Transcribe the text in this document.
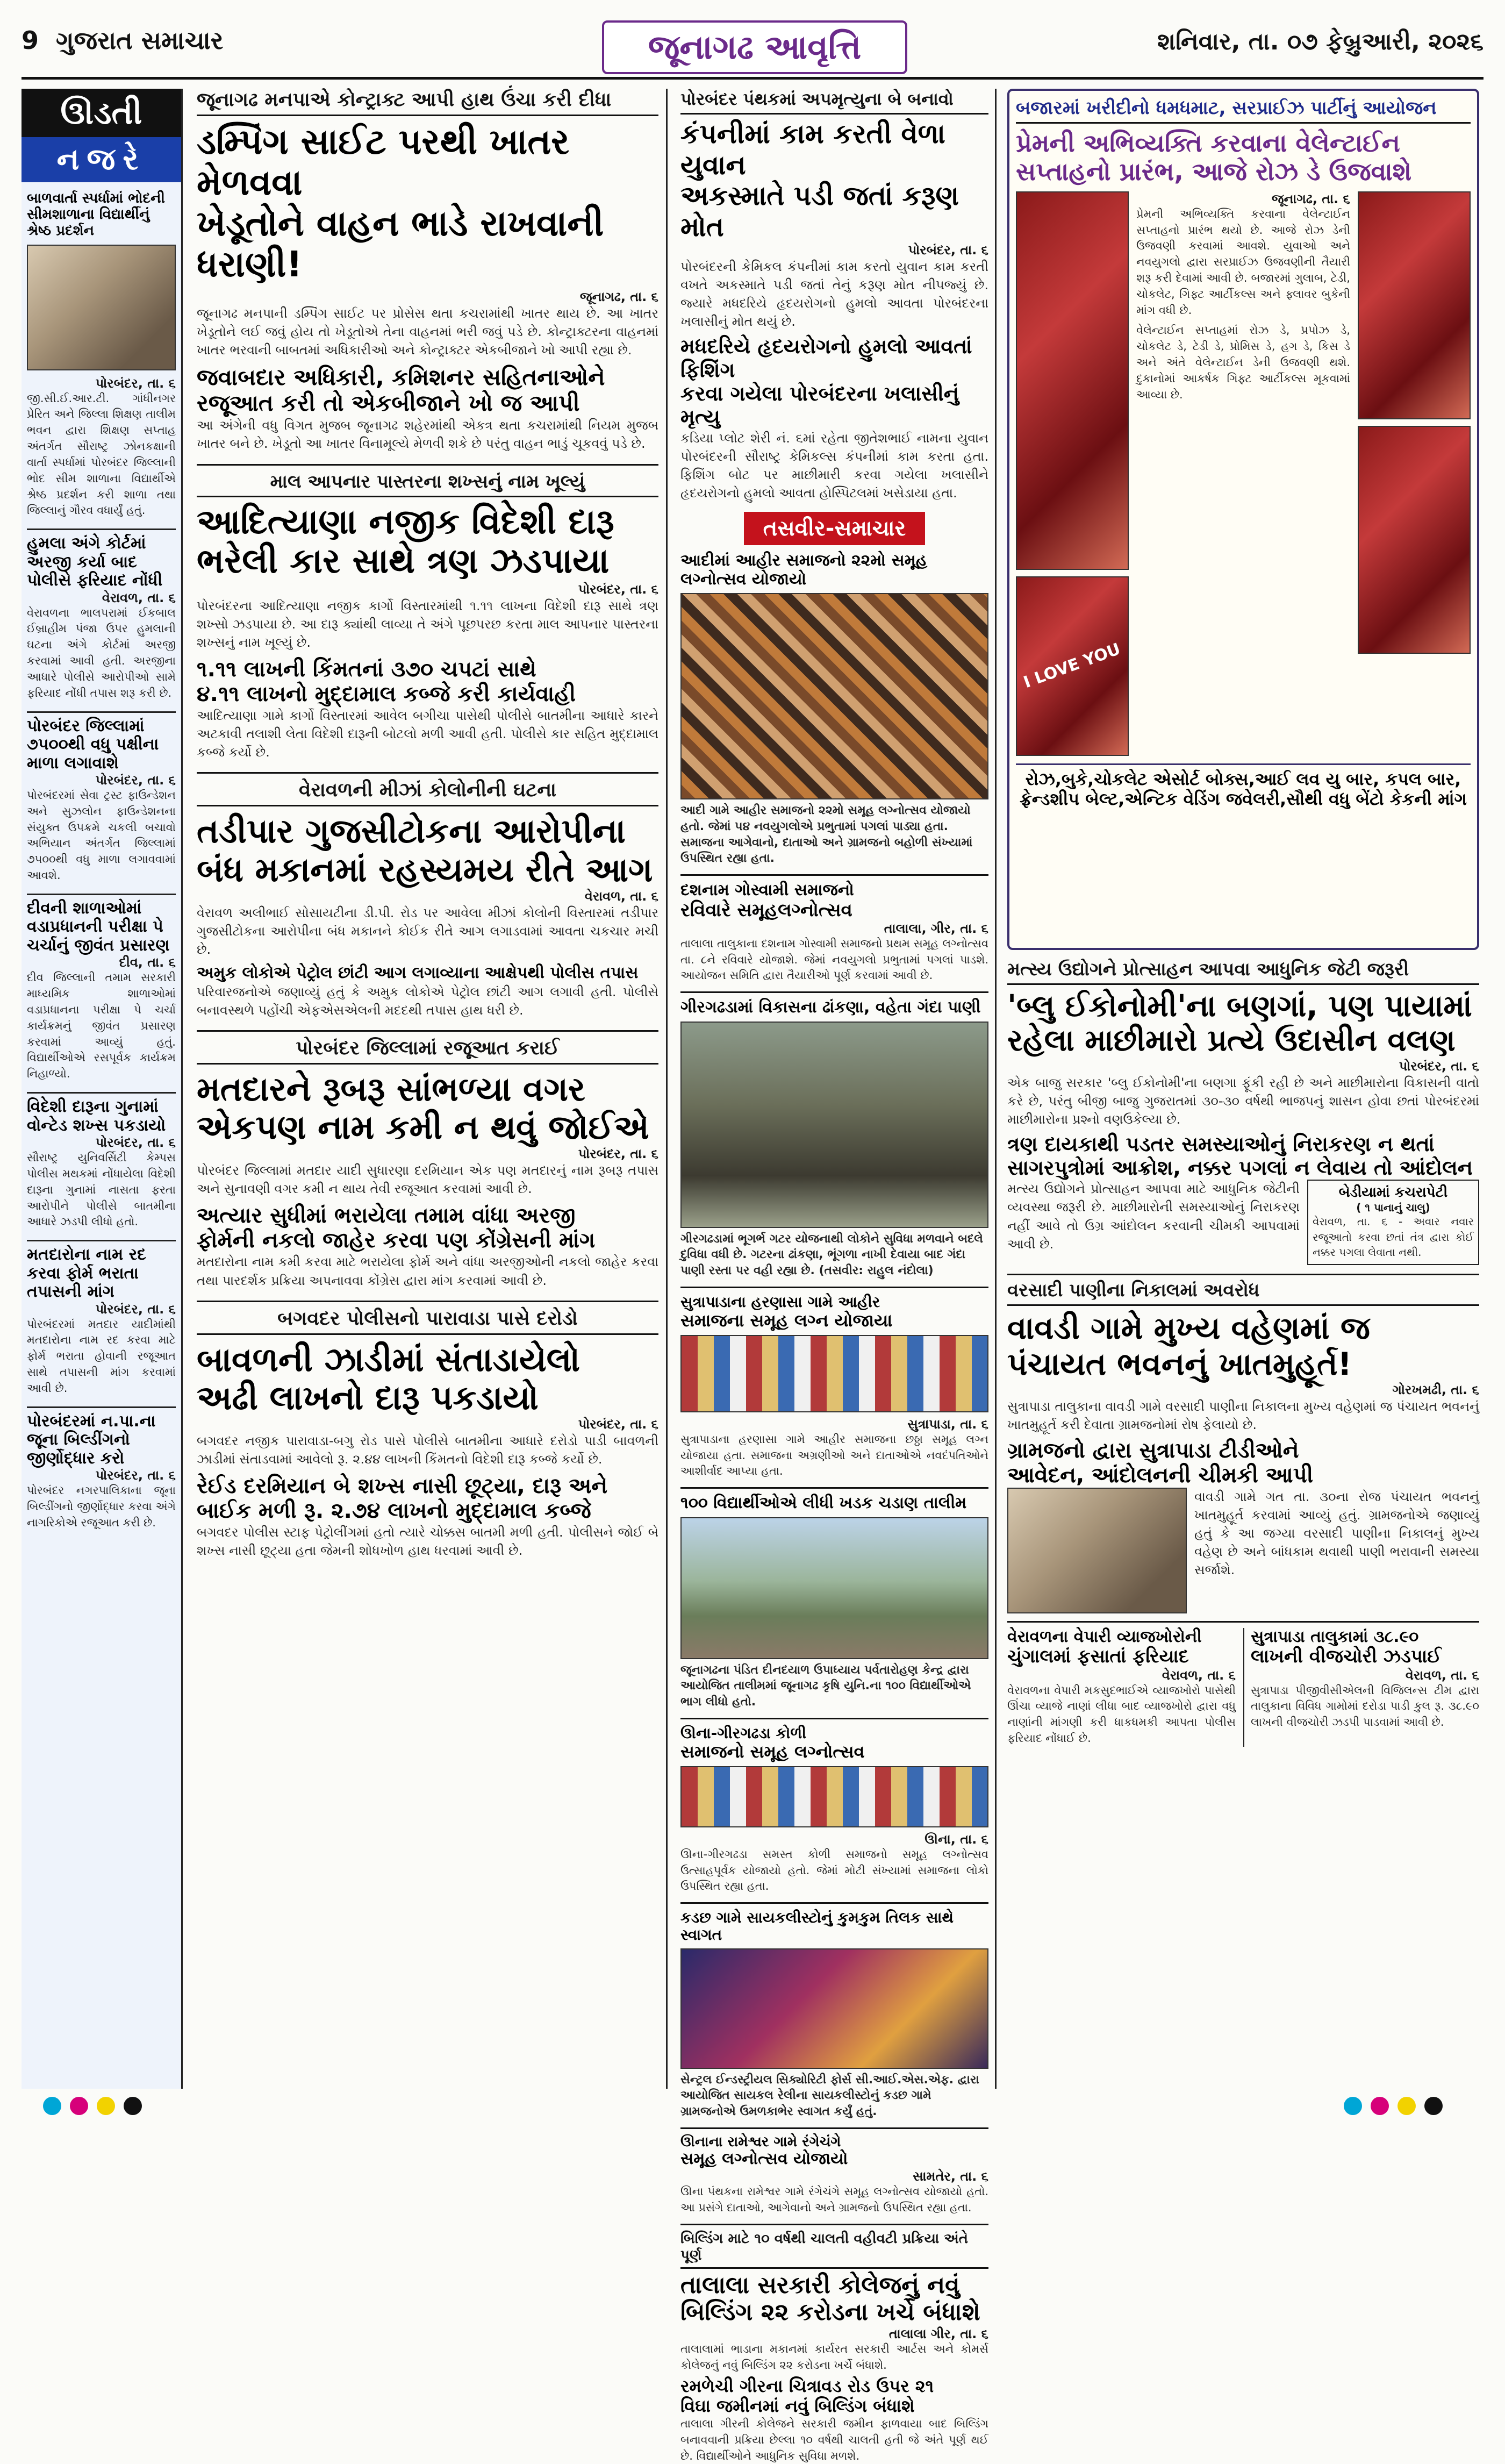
9 ગુજરાત સમાચાર	જૂનાગઢ આવૃત્તિ	શનિવાર, તા. ૦૭ ફેબ્રુઆરી, ૨૦૨૬
ઊડતી
નજરે
બાળવાર્તા સ્પર્ધામાં ભોદની સીમશાળાના વિદ્યાર્થીનું શ્રેષ્ઠ પ્રદર્શન
પોરબંદર, તા. ૬
જી.સી.ઈ.આર.ટી. ગાંધીનગર પ્રેરિત અને જિલ્લા શિક્ષણ તાલીમ ભવન દ્વારા શિક્ષણ સપ્તાહ અંતર્ગત સૌરાષ્ટ્ર ઝોનકક્ષાની વાર્તા સ્પર્ધામાં પોરબંદર જિલ્લાની ભોદ સીમ શાળાના વિદ્યાર્થીએ શ્રેષ્ઠ પ્રદર્શન કરી શાળા તથા જિલ્લાનું ગૌરવ વધાર્યું હતું.
હુમલા અંગે કોર્ટમાં અરજી કર્યા બાદ પોલીસે ફરિયાદ નોંધી
વેરાવળ, તા. ૬
વેરાવળના ભાલપરામાં ઈકબાલ ઈબ્રાહીમ પંજા ઉપર હુમલાની ઘટના અંગે કોર્ટમાં અરજી કરવામાં આવી હતી. અરજીના આધારે પોલીસે આરોપીઓ સામે ફરિયાદ નોંધી તપાસ શરૂ કરી છે.
પોરબંદર જિલ્લામાં ૭૫૦૦થી વધુ પક્ષીના માળા લગાવાશે
પોરબંદર, તા. ૬
પોરબંદરમાં સેવા ટ્રસ્ટ ફાઉન્ડેશન અને સુઝલોન ફાઉન્ડેશનના સંયુક્ત ઉપક્રમે ચકલી બચાવો અભિયાન અંતર્ગત જિલ્લામાં ૭૫૦૦થી વધુ માળા લગાવવામાં આવશે.
દીવની શાળાઓમાં વડાપ્રધાનની પરીક્ષા પે ચર્ચાનું જીવંત પ્રસારણ
દીવ, તા. ૬
દીવ જિલ્લાની તમામ સરકારી માધ્યમિક શાળાઓમાં વડાપ્રધાનના પરીક્ષા પે ચર્ચા કાર્યક્રમનું જીવંત પ્રસારણ કરવામાં આવ્યું હતું. વિદ્યાર્થીઓએ રસપૂર્વક કાર્યક્રમ નિહાળ્યો.
વિદેશી દારૂના ગુનામાં વોન્ટેડ શખ્સ પકડાયો
પોરબંદર, તા. ૬
સૌરાષ્ટ્ર યુનિવર્સિટી કેમ્પસ પોલીસ મથકમાં નોંધાયેલા વિદેશી દારૂના ગુનામાં નાસતા ફરતા આરોપીને પોલીસે બાતમીના આધારે ઝડપી લીધો હતો.
મતદારોના નામ રદ કરવા ફોર્મ ભરાતા તપાસની માંગ
પોરબંદર, તા. ૬
પોરબંદરમાં મતદાર યાદીમાંથી મતદારોના નામ રદ કરવા માટે ફોર્મ ભરાતા હોવાની રજૂઆત સાથે તપાસની માંગ કરવામાં આવી છે.
પોરબંદરમાં ન.પા.ના જૂના બિલ્ડીંગનો જીર્ણોદ્ધાર કરો
પોરબંદર, તા. ૬
પોરબંદર નગરપાલિકાના જૂના બિલ્ડીંગનો જીર્ણોદ્ધાર કરવા અંગે નાગરિકોએ રજૂઆત કરી છે.
જૂનાગઢ મનપાએ કોન્ટ્રાક્ટ આપી હાથ ઉંચા કરી દીધા
ડમ્પિંગ સાઈટ પરથી ખાતર મેળવવા
ખેડૂતોને વાહન ભાડે રાખવાની ધરાણી!
જૂનાગઢ, તા. ૬
જૂનાગઢ મનપાની ડમ્પિંગ સાઈટ પર પ્રોસેસ થતા કચરામાંથી ખાતર થાય છે. આ ખાતર ખેડૂતોને લઈ જવું હોય તો ખેડૂતોએ તેના વાહનમાં ભરી જવું પડે છે. કોન્ટ્રાક્ટરના વાહનમાં ખાતર ભરવાની બાબતમાં અધિકારીઓ અને કોન્ટ્રાક્ટર એકબીજાને ખો આપી રહ્યા છે.
જવાબદાર અધિકારી, કમિશનર સહિતનાઓને
રજૂઆત કરી તો એકબીજાને ખો જ આપી
આ અંગેની વધુ વિગત મુજબ જૂનાગઢ શહેરમાંથી એકત્ર થતા કચરામાંથી નિયમ મુજબ ખાતર બને છે. ખેડૂતો આ ખાતર વિનામૂલ્યે મેળવી શકે છે પરંતુ વાહન ભાડું ચૂકવવું પડે છે.
માલ આપનાર પાસ્તરના શખ્સનું નામ ખૂલ્યું
આદિત્યાણા નજીક વિદેશી દારૂ
ભરેલી કાર સાથે ત્રણ ઝડપાયા
પોરબંદર, તા. ૬
પોરબંદરના આદિત્યાણા નજીક કાર્ગો વિસ્તારમાંથી ૧.૧૧ લાખના વિદેશી દારૂ સાથે ત્રણ શખ્સો ઝડપાયા છે. આ દારૂ ક્યાંથી લાવ્યા તે અંગે પૂછપરછ કરતા માલ આપનાર પાસ્તરના શખ્સનું નામ ખૂલ્યું છે.
૧.૧૧ લાખની કિંમતનાં ૩૭૦ ચપટાં સાથે
૪.૧૧ લાખનો મુદ્દામાલ કબ્જે કરી કાર્યવાહી
આદિત્યાણા ગામે કાર્ગો વિસ્તારમાં આવેલ બગીચા પાસેથી પોલીસે બાતમીના આધારે કારને અટકાવી તલાશી લેતા વિદેશી દારૂની બોટલો મળી આવી હતી. પોલીસે કાર સહિત મુદ્દામાલ કબ્જે કર્યો છે.
વેરાવળની મીઝાં કોલોનીની ઘટના
તડીપાર ગુજસીટોકના આરોપીના
બંધ મકાનમાં રહસ્યમય રીતે આગ
વેરાવળ, તા. ૬
વેરાવળ અલીભાઈ સોસાયટીના ડી.પી. રોડ પર આવેલા મીઝાં કોલોની વિસ્તારમાં તડીપાર ગુજસીટોકના આરોપીના બંધ મકાનને કોઈક રીતે આગ લગાડવામાં આવતા ચકચાર મચી છે.
અમુક લોકોએ પેટ્રોલ છાંટી આગ લગાવ્યાના આક્ષેપથી પોલીસ તપાસ
પરિવારજનોએ જણાવ્યું હતું કે અમુક લોકોએ પેટ્રોલ છાંટી આગ લગાવી હતી. પોલીસે બનાવસ્થળે પહોંચી એફએસએલની મદદથી તપાસ હાથ ધરી છે.
પોરબંદર જિલ્લામાં રજૂઆત કરાઈ
મતદારને રૂબરૂ સાંભળ્યા વગર
એકપણ નામ કમી ન થવું જોઈએ
પોરબંદર, તા. ૬
પોરબંદર જિલ્લામાં મતદાર યાદી સુધારણા દરમિયાન એક પણ મતદારનું નામ રૂબરૂ તપાસ અને સુનાવણી વગર કમી ન થાય તેવી રજૂઆત કરવામાં આવી છે.
અત્યાર સુધીમાં ભરાયેલા તમામ વાંધા અરજી
ફોર્મની નકલો જાહેર કરવા પણ કોંગ્રેસની માંગ
મતદારોના નામ કમી કરવા માટે ભરાયેલા ફોર્મ અને વાંધા અરજીઓની નકલો જાહેર કરવા તથા પારદર્શક પ્રક્રિયા અપનાવવા કોંગ્રેસ દ્વારા માંગ કરવામાં આવી છે.
બગવદર પોલીસનો પારાવાડા પાસે દરોડો
બાવળની ઝાડીમાં સંતાડાયેલો
અઢી લાખનો દારૂ પકડાયો
પોરબંદર, તા. ૬
બગવદર નજીક પારાવાડા-બગુ રોડ પાસે પોલીસે બાતમીના આધારે દરોડો પાડી બાવળની ઝાડીમાં સંતાડવામાં આવેલો રૂ. ૨.૪૪ લાખની કિંમતનો વિદેશી દારૂ કબ્જે કર્યો છે.
રેઈડ દરમિયાન બે શખ્સ નાસી છૂટ્યા, દારૂ અને
બાઈક મળી રૂ. ૨.૭૪ લાખનો મુદ્દામાલ કબ્જે
બગવદર પોલીસ સ્ટાફ પેટ્રોલીંગમાં હતો ત્યારે ચોક્કસ બાતમી મળી હતી. પોલીસને જોઈ બે શખ્સ નાસી છૂટ્યા હતા જેમની શોધખોળ હાથ ધરવામાં આવી છે.
પોરબંદર પંથકમાં અપમૃત્યુના બે બનાવો
કંપનીમાં કામ કરતી વેળા યુવાન
અકસ્માતે પડી જતાં કરૂણ મોત
પોરબંદર, તા. ૬
પોરબંદરની કેમિકલ કંપનીમાં કામ કરતો યુવાન કામ કરતી વખતે અકસ્માતે પડી જતાં તેનું કરૂણ મોત નીપજ્યું છે. જ્યારે મધદરિયે હૃદયરોગનો હુમલો આવતા પોરબંદરના ખલાસીનું મોત થયું છે.
મધદરિયે હૃદયરોગનો હુમલો આવતાં ફિશિંગ
કરવા ગયેલા પોરબંદરના ખલાસીનું મૃત્યુ
કડિયા પ્લોટ શેરી નં. ૬માં રહેતા જીતેશભાઈ નામના યુવાન પોરબંદરની સૌરાષ્ટ્ર કેમિકલ્સ કંપનીમાં કામ કરતા હતા. ફિશિંગ બોટ પર માછીમારી કરવા ગયેલા ખલાસીને હૃદયરોગનો હુમલો આવતા હોસ્પિટલમાં ખસેડાયા હતા.
તસવીર-સમાચાર
આદીમાં આહીર સમાજનો ૨૨મો સમૂહ લગ્નોત્સવ યોજાયો
આદી ગામે આહીર સમાજનો ૨૨મો સમૂહ લગ્નોત્સવ યોજાયો હતો. જેમાં ૫૪ નવયુગલોએ પ્રભુતામાં પગલાં પાડ્યા હતા. સમાજના આગેવાનો, દાતાઓ અને ગ્રામજનો બહોળી સંખ્યામાં ઉપસ્થિત રહ્યા હતા.
દશનામ ગોસ્વામી સમાજનો
રવિવારે સમૂહલગ્નોત્સવ
તાલાલા, ગીર, તા. ૬
તાલાલા તાલુકાના દશનામ ગોસ્વામી સમાજનો પ્રથમ સમૂહ લગ્નોત્સવ તા. ૮ને રવિવારે યોજાશે. જેમાં નવયુગલો પ્રભુતામાં પગલાં પાડશે. આયોજન સમિતિ દ્વારા તૈયારીઓ પૂર્ણ કરવામાં આવી છે.
ગીરગઢડામાં વિકાસના ઢાંકણા, વહેતા ગંદા પાણી
ગીરગઢડામાં ભૂગર્ભ ગટર યોજનાથી લોકોને સુવિધા મળવાને બદલે દુવિધા વધી છે. ગટરના ઢાંકણા, ભૂંગળા નાખી દેવાયા બાદ ગંદા પાણી રસ્તા પર વહી રહ્યા છે. (તસવીર: રાહુલ નંદોલા)
સુત્રાપાડાના હરણાસા ગામે આહીર
સમાજના સમૂહ લગ્ન યોજાયા
સુત્રાપાડા, તા. ૬
સુત્રાપાડાના હરણાસા ગામે આહીર સમાજના છઠ્ઠા સમૂહ લગ્ન યોજાયા હતા. સમાજના અગ્રણીઓ અને દાતાઓએ નવદંપતિઓને આશીર્વાદ આપ્યા હતા.
૧૦૦ વિદ્યાર્થીઓએ લીધી ખડક ચડાણ તાલીમ
જૂનાગઢના પંડિત દીનદયાળ ઉપાધ્યાય પર્વતારોહણ કેન્દ્ર દ્વારા આયોજિત તાલીમમાં જૂનાગઢ કૃષિ યુનિ.ના ૧૦૦ વિદ્યાર્થીઓએ ભાગ લીધો હતો.
ઊના-ગીરગઢડા કોળી
સમાજનો સમૂહ લગ્નોત્સવ
ઊના, તા. ૬
ઊના-ગીરગઢડા સમસ્ત કોળી સમાજનો સમૂહ લગ્નોત્સવ ઉત્સાહપૂર્વક યોજાયો હતો. જેમાં મોટી સંખ્યામાં સમાજના લોકો ઉપસ્થિત રહ્યા હતા.
કડછ ગામે સાયકલીસ્ટોનું કુમકુમ તિલક સાથે સ્વાગત
સેન્ટ્રલ ઈન્ડસ્ટ્રીયલ સિક્યોરિટી ફોર્સ સી.આઈ.એસ.એફ. દ્વારા આયોજિત સાયકલ રેલીના સાયકલીસ્ટોનું કડછ ગામે ગ્રામજનોએ ઉમળકાભેર સ્વાગત કર્યું હતું.
ઊનાના રામેશ્વર ગામે રંગેચંગે
સમૂહ લગ્નોત્સવ યોજાયો
સામતેર, તા. ૬
ઊના પંથકના રામેશ્વર ગામે રંગેચંગે સમૂહ લગ્નોત્સવ યોજાયો હતો. આ પ્રસંગે દાતાઓ, આગેવાનો અને ગ્રામજનો ઉપસ્થિત રહ્યા હતા.
બિલ્ડિંગ માટે ૧૦ વર્ષથી ચાલતી વહીવટી પ્રક્રિયા અંતે પૂર્ણ
તાલાલા સરકારી કોલેજનું નવું
બિલ્ડિંગ ૨૨ કરોડના ખર્ચે બંધાશે
તાલાલા ગીર, તા. ૬
તાલાલામાં ભાડાના મકાનમાં કાર્યરત સરકારી આર્ટસ અને કોમર્સ કોલેજનું નવું બિલ્ડિંગ ૨૨ કરોડના ખર્ચે બંધાશે.
રમળેચી ગીરના ચિત્રાવડ રોડ ઉપર ૨૧
વિઘા જમીનમાં નવું બિલ્ડિંગ બંધાશે
તાલાલા ગીરની કોલેજને સરકારી જમીન ફાળવાયા બાદ બિલ્ડિંગ બનાવવાની પ્રક્રિયા છેલ્લા ૧૦ વર્ષથી ચાલતી હતી જે અંતે પૂર્ણ થઈ છે. વિદ્યાર્થીઓને આધુનિક સુવિધા મળશે.
બજારમાં ખરીદીનો ધમધમાટ, સરપ્રાઈઝ પાર્ટીનું આયોજન
પ્રેમની અભિવ્યક્તિ કરવાના વેલેન્ટાઈન
સપ્તાહનો પ્રારંભ, આજે રોઝ ડે ઉજવાશે
I LOVE YOU
જૂનાગઢ, તા. ૬
પ્રેમની અભિવ્યક્તિ કરવાના વેલેન્ટાઈન સપ્તાહનો પ્રારંભ થયો છે. આજે રોઝ ડેની ઉજવણી કરવામાં આવશે. યુવાઓ અને નવયુગલો દ્વારા સરપ્રાઈઝ ઉજવણીની તૈયારી શરૂ કરી દેવામાં આવી છે. બજારમાં ગુલાબ, ટેડી, ચોકલેટ, ગિફ્ટ આર્ટીકલ્સ અને ફ્લાવર બુકેની માંગ વધી છે.
વેલેન્ટાઈન સપ્તાહમાં રોઝ ડે, પ્રપોઝ ડે, ચોકલેટ ડે, ટેડી ડે, પ્રોમિસ ડે, હગ ડે, કિસ ડે અને અંતે વેલેન્ટાઈન ડેની ઉજવણી થશે. દુકાનોમાં આકર્ષક ગિફ્ટ આર્ટીકલ્સ મૂકવામાં આવ્યા છે.
રોઝ,બુકે,ચોકલેટ એસોર્ટ બોક્સ,આઈ લવ યુ બાર, કપલ બાર,
ફ્રેન્ડશીપ બેલ્ટ,એન્ટિક વેડિંગ જવેલરી,સૌથી વધુ બેંટો કેકની માંગ
મત્સ્ય ઉદ્યોગને પ્રોત્સાહન આપવા આધુનિક જેટી જરૂરી
'બ્લુ ઈકોનોમી'ના બણગાં, પણ પાયામાં
રહેલા માછીમારો પ્રત્યે ઉદાસીન વલણ
પોરબંદર, તા. ૬
એક બાજુ સરકાર 'બ્લુ ઈકોનોમી'ના બણગા ફૂંકી રહી છે અને માછીમારોના વિકાસની વાતો કરે છે, પરંતુ બીજી બાજુ ગુજરાતમાં ૩૦-૩૦ વર્ષથી ભાજપનું શાસન હોવા છતાં પોરબંદરમાં માછીમારોના પ્રશ્નો વણઉકેલ્યા છે.
ત્રણ દાયકાથી પડતર સમસ્યાઓનું નિરાકરણ ન થતાં
સાગરપુત્રોમાં આક્રોશ, નક્કર પગલાં ન લેવાય તો આંદોલન
મત્સ્ય ઉદ્યોગને પ્રોત્સાહન આપવા માટે આધુનિક જેટીની વ્યવસ્થા જરૂરી છે. માછીમારોની સમસ્યાઓનું નિરાકરણ નહીં આવે તો ઉગ્ર આંદોલન કરવાની ચીમકી આપવામાં આવી છે.
બેડીયામાં કચરાપેટી
( ૧ પાનાનું ચાલુ)
વેરાવળ, તા. ૬ - અવાર નવાર રજૂઆતો કરવા છતાં તંત્ર દ્વારા કોઈ નક્કર પગલા લેવાતા નથી.
વરસાદી પાણીના નિકાલમાં અવરોધ
વાવડી ગામે મુખ્ય વહેણમાં જ
પંચાયત ભવનનું ખાતમુહૂર્ત!
ગોરખમઢી, તા. ૬
સુત્રાપાડા તાલુકાના વાવડી ગામે વરસાદી પાણીના નિકાલના મુખ્ય વહેણમાં જ પંચાયત ભવનનું ખાતમુહૂર્ત કરી દેવાતા ગ્રામજનોમાં રોષ ફેલાયો છે.
ગ્રામજનો દ્વારા સુત્રાપાડા ટીડીઓને
આવેદન, આંદોલનની ચીમકી આપી
વાવડી ગામે ગત તા. ૩૦ના રોજ પંચાયત ભવનનું ખાતમુહૂર્ત કરવામાં આવ્યું હતું. ગ્રામજનોએ જણાવ્યું હતું કે આ જગ્યા વરસાદી પાણીના નિકાલનું મુખ્ય વહેણ છે અને બાંધકામ થવાથી પાણી ભરાવાની સમસ્યા સર્જાશે.
વેરાવળના વેપારી વ્યાજખોરોની
ચુંગાલમાં ફસાતાં ફરિયાદ
વેરાવળ, તા. ૬
વેરાવળના વેપારી મકસુદભાઈએ વ્યાજખોરો પાસેથી ઊંચા વ્યાજે નાણાં લીધા બાદ વ્યાજખોરો દ્વારા વધુ નાણાંની માંગણી કરી ધાકધમકી આપતા પોલીસ ફરિયાદ નોંધાઈ છે.
સુત્રાપાડા તાલુકામાં ૩૮.૯૦
લાખની વીજચોરી ઝડપાઈ
વેરાવળ, તા. ૬
સુત્રાપાડા પીજીવીસીએલની વિજિલન્સ ટીમ દ્વારા તાલુકાના વિવિધ ગામોમાં દરોડા પાડી કુલ રૂ. ૩૮.૯૦ લાખની વીજચોરી ઝડપી પાડવામાં આવી છે.
